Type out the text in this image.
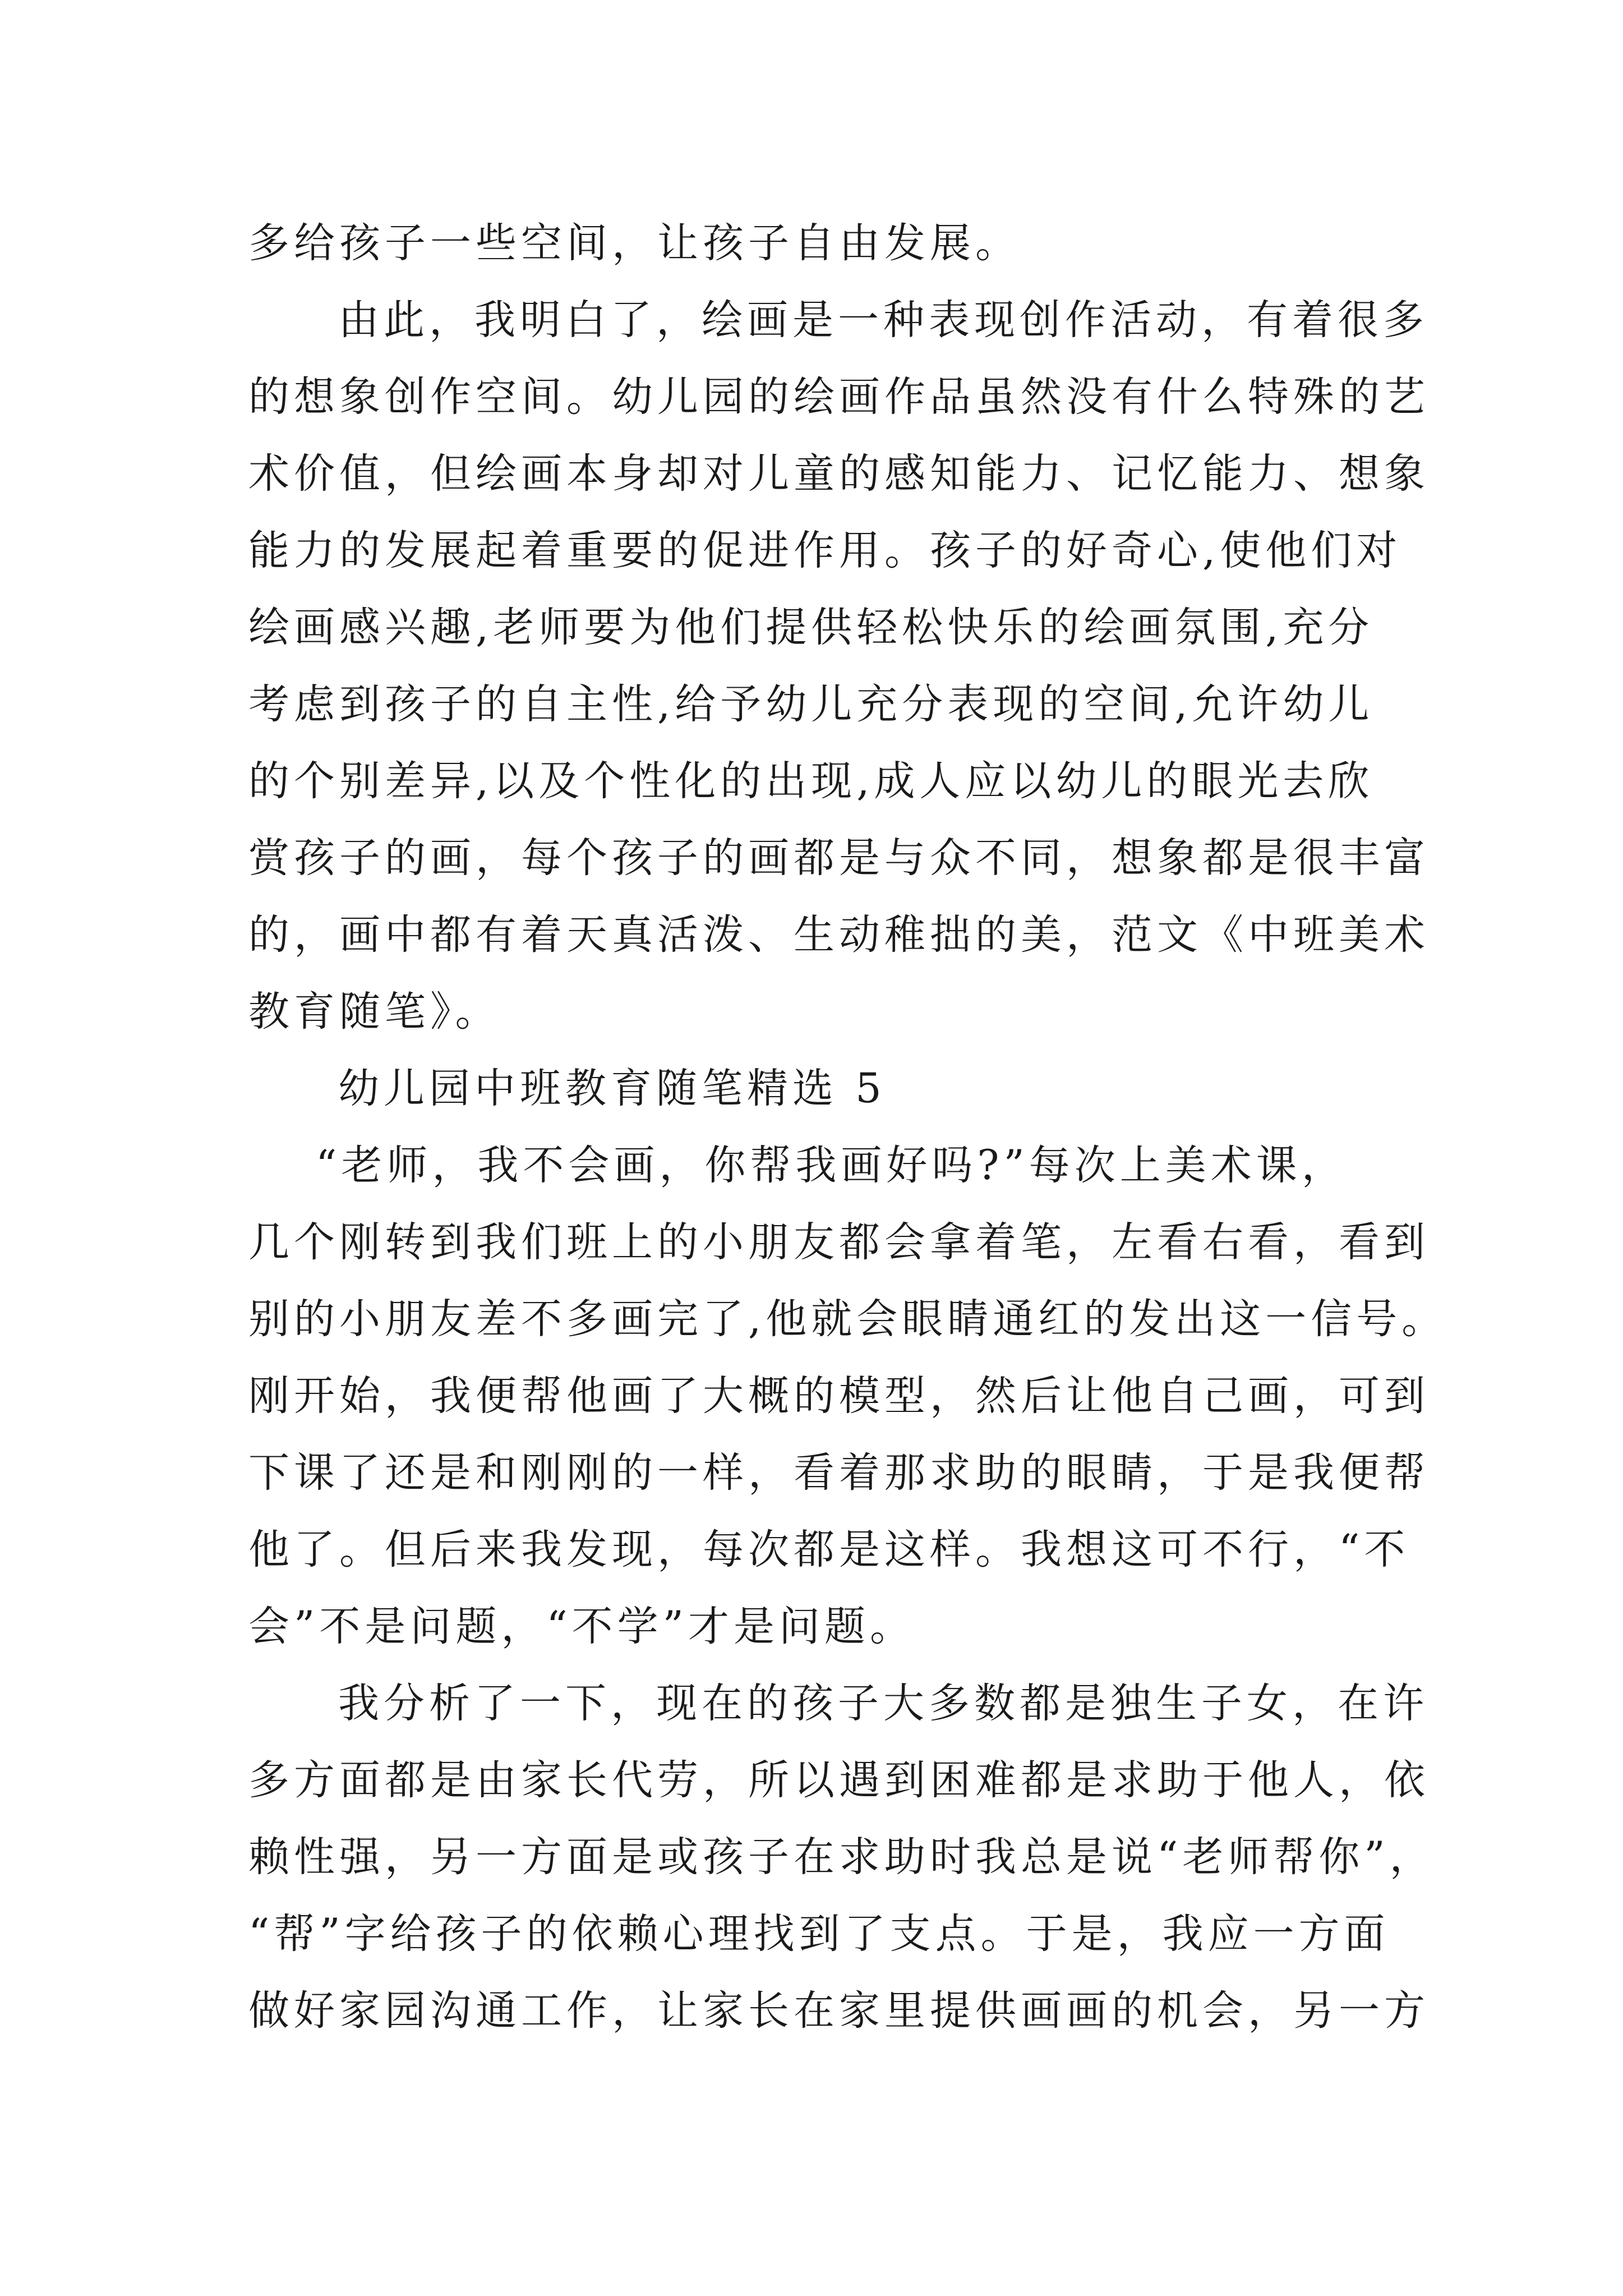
多给孩子一些空间，让孩子自由发展。
由此，我明白了，绘画是一种表现创作活动，有着很多
的想象创作空间。幼儿园的绘画作品虽然没有什么特殊的艺
术价值，但绘画本身却对儿童的感知能力、记忆能力、想象
能力的发展起着重要的促进作用。孩子的好奇心,使他们对
绘画感兴趣,老师要为他们提供轻松快乐的绘画氛围,充分
考虑到孩子的自主性,给予幼儿充分表现的空间,允许幼儿
的个别差异,以及个性化的出现,成人应以幼儿的眼光去欣
赏孩子的画，每个孩子的画都是与众不同，想象都是很丰富
的，画中都有着天真活泼、生动稚拙的美，范文《中班美术
教育随笔》。
幼儿园中班教育随笔精选 5
“老师，我不会画，你帮我画好吗?”每次上美术课，
几个刚转到我们班上的小朋友都会拿着笔，左看右看，看到
别的小朋友差不多画完了,他就会眼睛通红的发出这一信号。
刚开始，我便帮他画了大概的模型，然后让他自己画，可到
下课了还是和刚刚的一样，看着那求助的眼睛，于是我便帮
他了。但后来我发现，每次都是这样。我想这可不行，“不
会”不是问题，“不学”才是问题。
我分析了一下，现在的孩子大多数都是独生子女，在许
多方面都是由家长代劳，所以遇到困难都是求助于他人，依
赖性强，另一方面是或孩子在求助时我总是说“老师帮你”，
“帮”字给孩子的依赖心理找到了支点。于是，我应一方面
做好家园沟通工作，让家长在家里提供画画的机会，另一方
